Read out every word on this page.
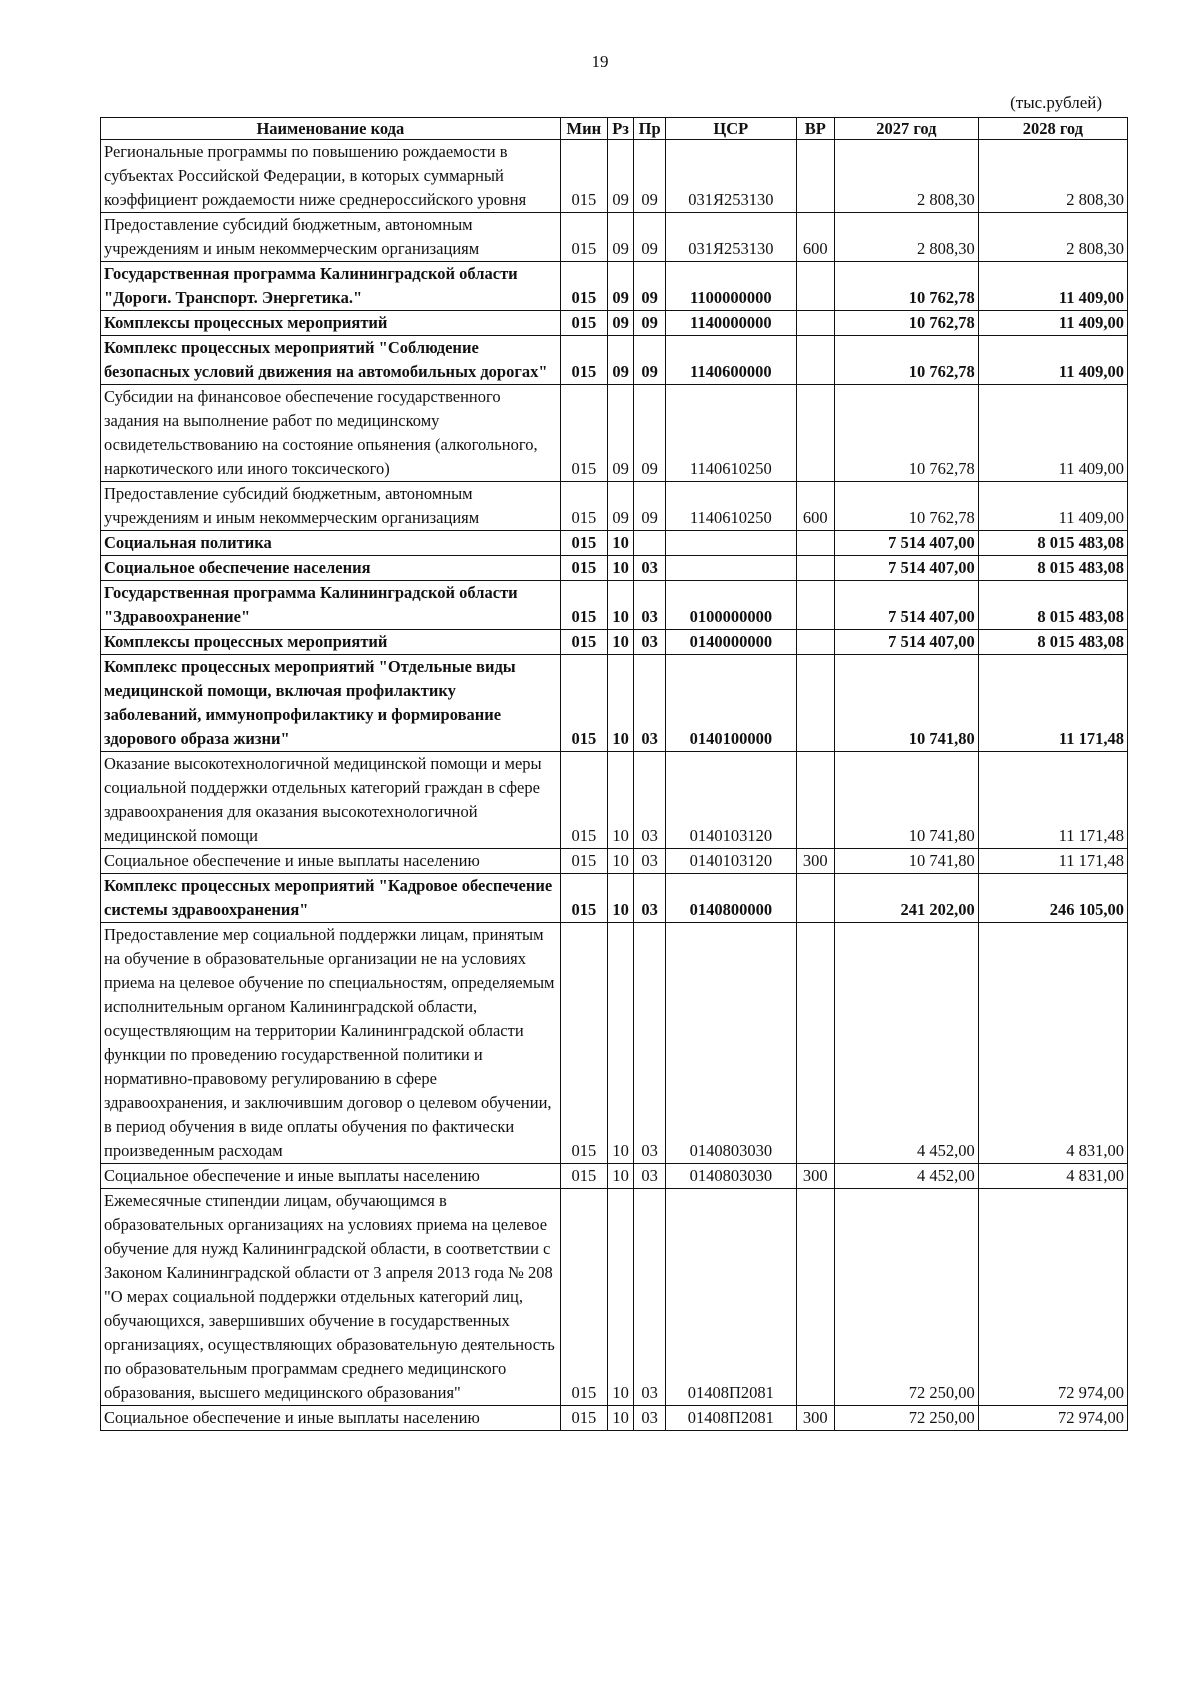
19
(тыс.рублей)
Наименование кода	Мин	Рз	Пр	ЦСР	ВР	2027 год	2028 год
Региональные программы по повышению рождаемости в субъектах Российской Федерации, в которых суммарный коэффициент рождаемости ниже среднероссийского уровня	015	09	09	031Я253130		2 808,30	2 808,30
Предоставление субсидий бюджетным, автономным учреждениям и иным некоммерческим организациям	015	09	09	031Я253130	600	2 808,30	2 808,30
Государственная программа Калининградской области "Дороги. Транспорт. Энергетика."	015	09	09	1100000000		10 762,78	11 409,00
Комплексы процессных мероприятий	015	09	09	1140000000		10 762,78	11 409,00
Комплекс процессных мероприятий "Соблюдение безопасных условий движения на автомобильных дорогах"	015	09	09	1140600000		10 762,78	11 409,00
Субсидии на финансовое обеспечение государственного задания на выполнение работ по медицинскому освидетельствованию на состояние опьянения (алкогольного, наркотического или иного токсического)	015	09	09	1140610250		10 762,78	11 409,00
Предоставление субсидий бюджетным, автономным учреждениям и иным некоммерческим организациям	015	09	09	1140610250	600	10 762,78	11 409,00
Социальная политика	015	10				7 514 407,00	8 015 483,08
Социальное обеспечение населения	015	10	03			7 514 407,00	8 015 483,08
Государственная программа Калининградской области "Здравоохранение"	015	10	03	0100000000		7 514 407,00	8 015 483,08
Комплексы процессных мероприятий	015	10	03	0140000000		7 514 407,00	8 015 483,08
Комплекс процессных мероприятий "Отдельные виды медицинской помощи, включая профилактику заболеваний, иммунопрофилактику и формирование здорового образа жизни"	015	10	03	0140100000		10 741,80	11 171,48
Оказание высокотехнологичной медицинской помощи и меры социальной поддержки отдельных категорий граждан в сфере здравоохранения для оказания высокотехнологичной медицинской помощи	015	10	03	0140103120		10 741,80	11 171,48
Социальное обеспечение и иные выплаты населению	015	10	03	0140103120	300	10 741,80	11 171,48
Комплекс процессных мероприятий "Кадровое обеспечение системы здравоохранения"	015	10	03	0140800000		241 202,00	246 105,00
Предоставление мер социальной поддержки лицам, принятым на обучение в образовательные организации не на условиях приема на целевое обучение по специальностям, определяемым исполнительным органом Калининградской области, осуществляющим на территории Калининградской области функции по проведению государственной политики и нормативно-правовому регулированию в сфере здравоохранения, и заключившим договор о целевом обучении, в период обучения в виде оплаты обучения по фактически произведенным расходам	015	10	03	0140803030		4 452,00	4 831,00
Социальное обеспечение и иные выплаты населению	015	10	03	0140803030	300	4 452,00	4 831,00
Ежемесячные стипендии лицам, обучающимся в образовательных организациях на условиях приема на целевое обучение для нужд Калининградской области, в соответствии с Законом Калининградской области от 3 апреля 2013 года № 208 "О мерах социальной поддержки отдельных категорий лиц, обучающихся, завершивших обучение в государственных организациях, осуществляющих образовательную деятельность по образовательным программам среднего медицинского образования, высшего медицинского образования"	015	10	03	01408П2081		72 250,00	72 974,00
Социальное обеспечение и иные выплаты населению	015	10	03	01408П2081	300	72 250,00	72 974,00
